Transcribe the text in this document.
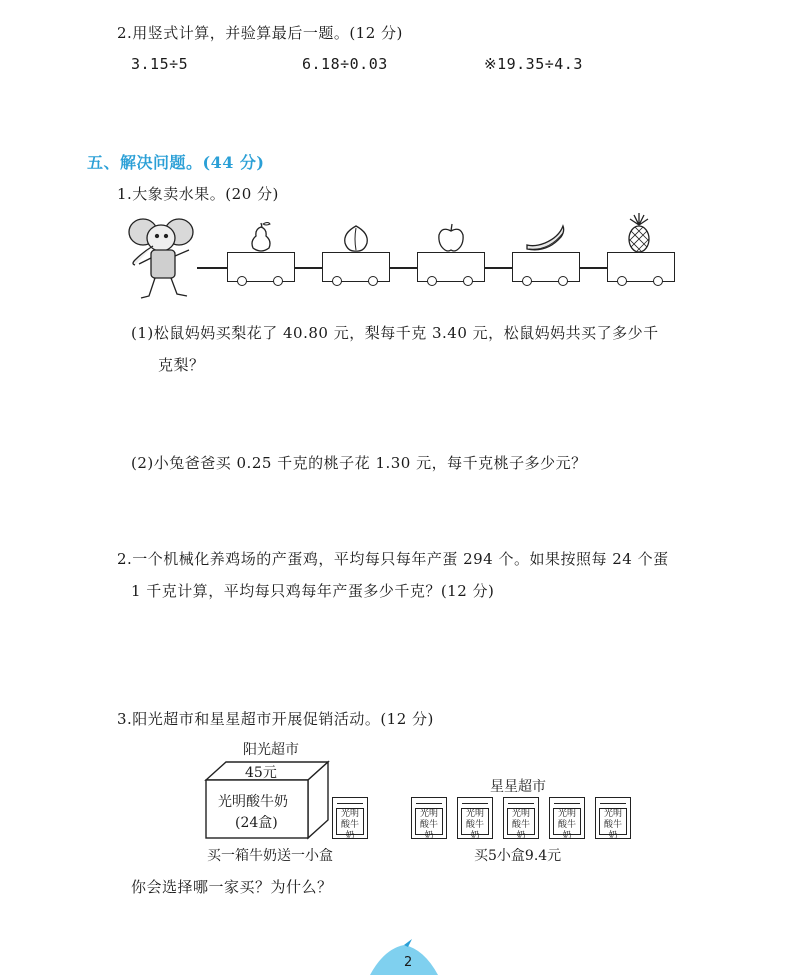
2.用竖式计算，并验算最后一题。(12 分)
3.15÷5	6.18÷0.03	※19.35÷4.3
五、解决问题。(44 分)
1.大象卖水果。(20 分)
(1)松鼠妈妈买梨花了 40.80 元，梨每千克 3.40 元，松鼠妈妈共买了多少千
克梨？
(2)小兔爸爸买 0.25 千克的桃子花 1.30 元，每千克桃子多少元？
2.一个机械化养鸡场的产蛋鸡，平均每只每年产蛋 294 个。如果按照每 24 个蛋
1 千克计算，平均每只鸡每年产蛋多少千克？(12 分)
3.阳光超市和星星超市开展促销活动。(12 分)
阳光超市
45元
光明酸牛奶
(24盒)
光明
酸牛奶
买一箱牛奶送一小盒
星星超市
光明
酸牛奶
光明
酸牛奶
光明
酸牛奶
光明
酸牛奶
光明
酸牛奶
买5小盒9.4元
你会选择哪一家买？为什么？
2
